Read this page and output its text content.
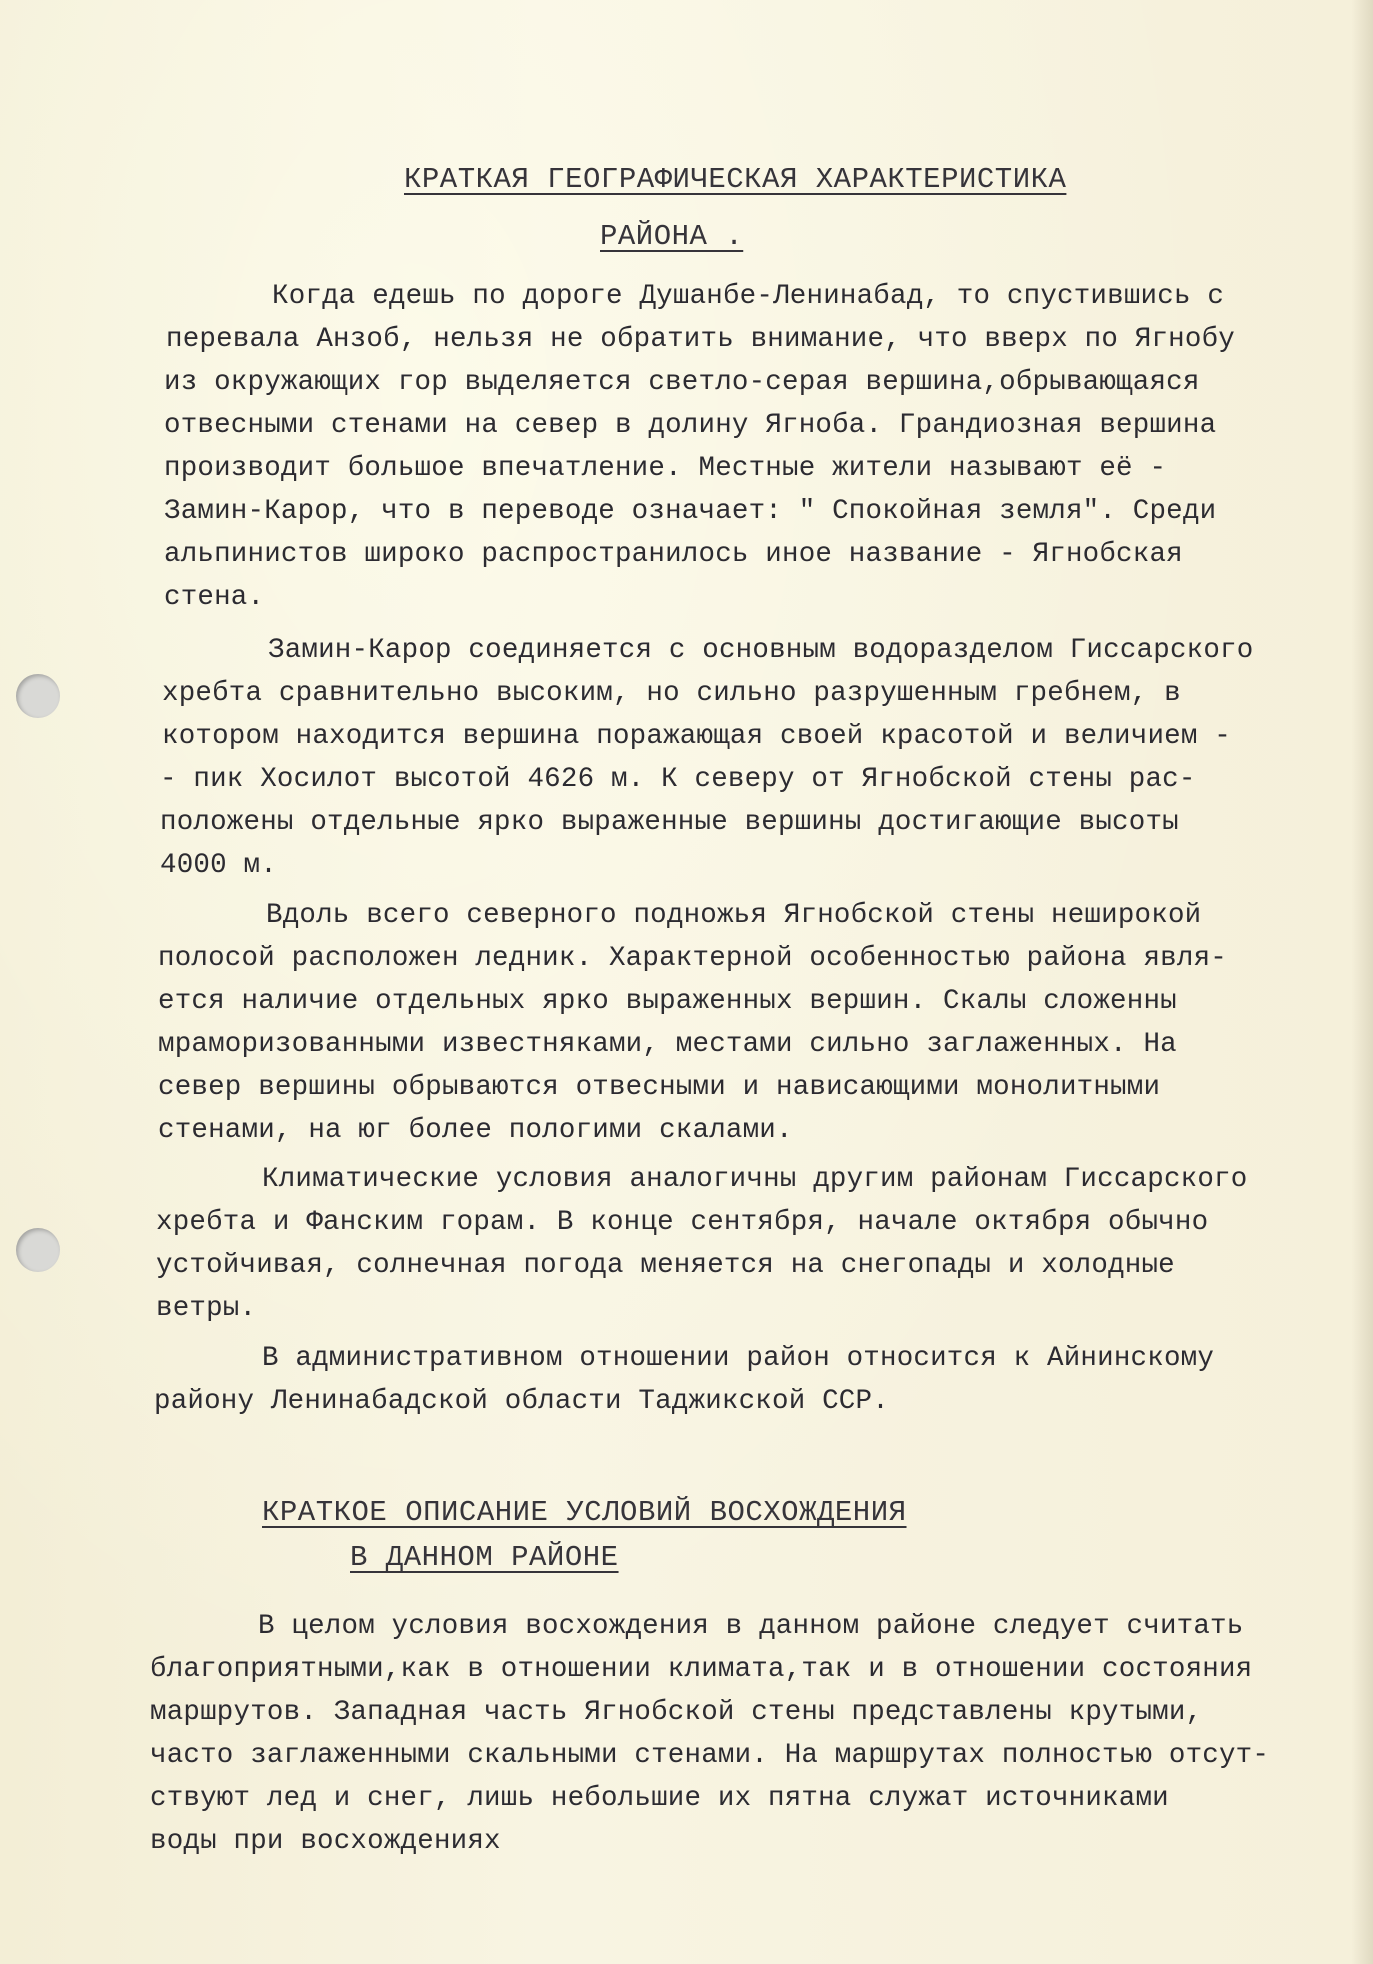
КРАТКАЯ ГЕОГРАФИЧЕСКАЯ ХАРАКТЕРИСТИКА
РАЙОНА .
Когда едешь по дороге Душанбе-Ленинабад, то спустившись с
перевала Анзоб, нельзя не обратить внимание, что вверх по Ягнобу
из окружающих гор выделяется светло-серая вершина,обрывающаяся
отвесными стенами на север в долину Ягноба. Грандиозная вершина
производит большое впечатление. Местные жители называют её -
Замин-Карор, что в переводе означает: " Спокойная земля". Среди
альпинистов широко распространилось иное название - Ягнобская
стена.
Замин-Карор соединяется с основным водоразделом Гиссарского
хребта сравнительно высоким, но сильно разрушенным гребнем, в
котором находится вершина поражающая своей красотой и величием -
- пик Хосилот высотой 4626 м. К северу от Ягнобской стены рас-
положены отдельные ярко выраженные вершины достигающие высоты
4000 м.
Вдоль всего северного подножья Ягнобской стены неширокой
полосой расположен ледник. Характерной особенностью района явля-
ется наличие отдельных ярко выраженных вершин. Скалы сложенны
мраморизованными известняками, местами сильно заглаженных. На
север вершины обрываются отвесными и нависающими монолитными
стенами, на юг более пологими скалами.
Климатические условия аналогичны другим районам Гиссарского
хребта и Фанским горам. В конце сентября, начале октября обычно
устойчивая, солнечная погода меняется на снегопады и холодные
ветры.
В административном отношении район относится к Айнинскому
району Ленинабадской области Таджикской ССР.
КРАТКОЕ ОПИСАНИЕ УСЛОВИЙ ВОСХОЖДЕНИЯ
В ДАННОМ РАЙОНЕ
В целом условия восхождения в данном районе следует считать
благоприятными,как в отношении климата,так и в отношении состояния
маршрутов. Западная часть Ягнобской стены представлены крутыми,
часто заглаженными скальными стенами. На маршрутах полностью отсут-
ствуют лед и снег, лишь небольшие их пятна служат источниками
воды при восхождениях
